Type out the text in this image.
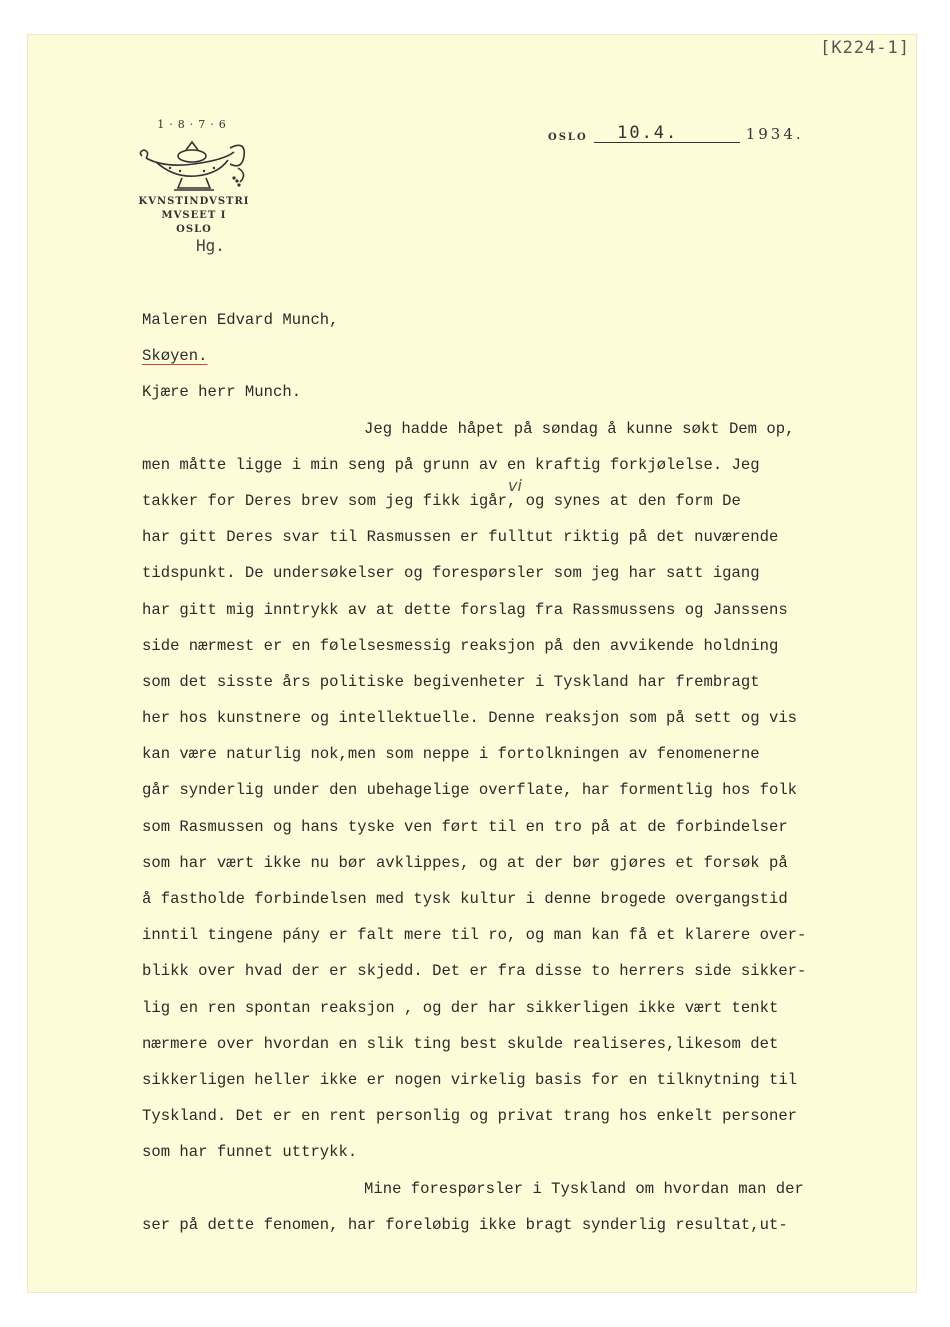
[K224-1]
1·8·7·6
KVNSTINDVSTRI
MVSEET I
OSLO
Hg.
OSLO	10.4.	1934.
vi
Maleren Edvard Munch,
Skøyen.
Kjære herr Munch.
Jeg hadde håpet på søndag å kunne søkt Dem op,
men måtte ligge i min seng på grunn av en kraftig forkjølelse. Jeg
takker for Deres brev som jeg fikk igår, og synes at den form De
har gitt Deres svar til Rasmussen er fulltut riktig på det nuværende
tidspunkt. De undersøkelser og forespørsler som jeg har satt igang
har gitt mig inntrykk av at dette forslag fra Rassmussens og Janssens
side nærmest er en følelsesmessig reaksjon på den avvikende holdning
som det sisste års politiske begivenheter i Tyskland har frembragt
her hos kunstnere og intellektuelle. Denne reaksjon som på sett og vis
kan være naturlig nok,men som neppe i fortolkningen av fenomenerne
går synderlig under den ubehagelige overflate, har formentlig hos folk
som Rasmussen og hans tyske ven ført til en tro på at de forbindelser
som har vært ikke nu bør avklippes, og at der bør gjøres et forsøk på
å fastholde forbindelsen med tysk kultur i denne brogede overgangstid
inntil tingene pány er falt mere til ro, og man kan få et klarere over-
blikk over hvad der er skjedd. Det er fra disse to herrers side sikker-
lig en ren spontan reaksjon , og der har sikkerligen ikke vært tenkt
nærmere over hvordan en slik ting best skulde realiseres,likesom det
sikkerligen heller ikke er nogen virkelig basis for en tilknytning til
Tyskland. Det er en rent personlig og privat trang hos enkelt personer
som har funnet uttrykk.
Mine forespørsler i Tyskland om hvordan man der
ser på dette fenomen, har foreløbig ikke bragt synderlig resultat,ut-
